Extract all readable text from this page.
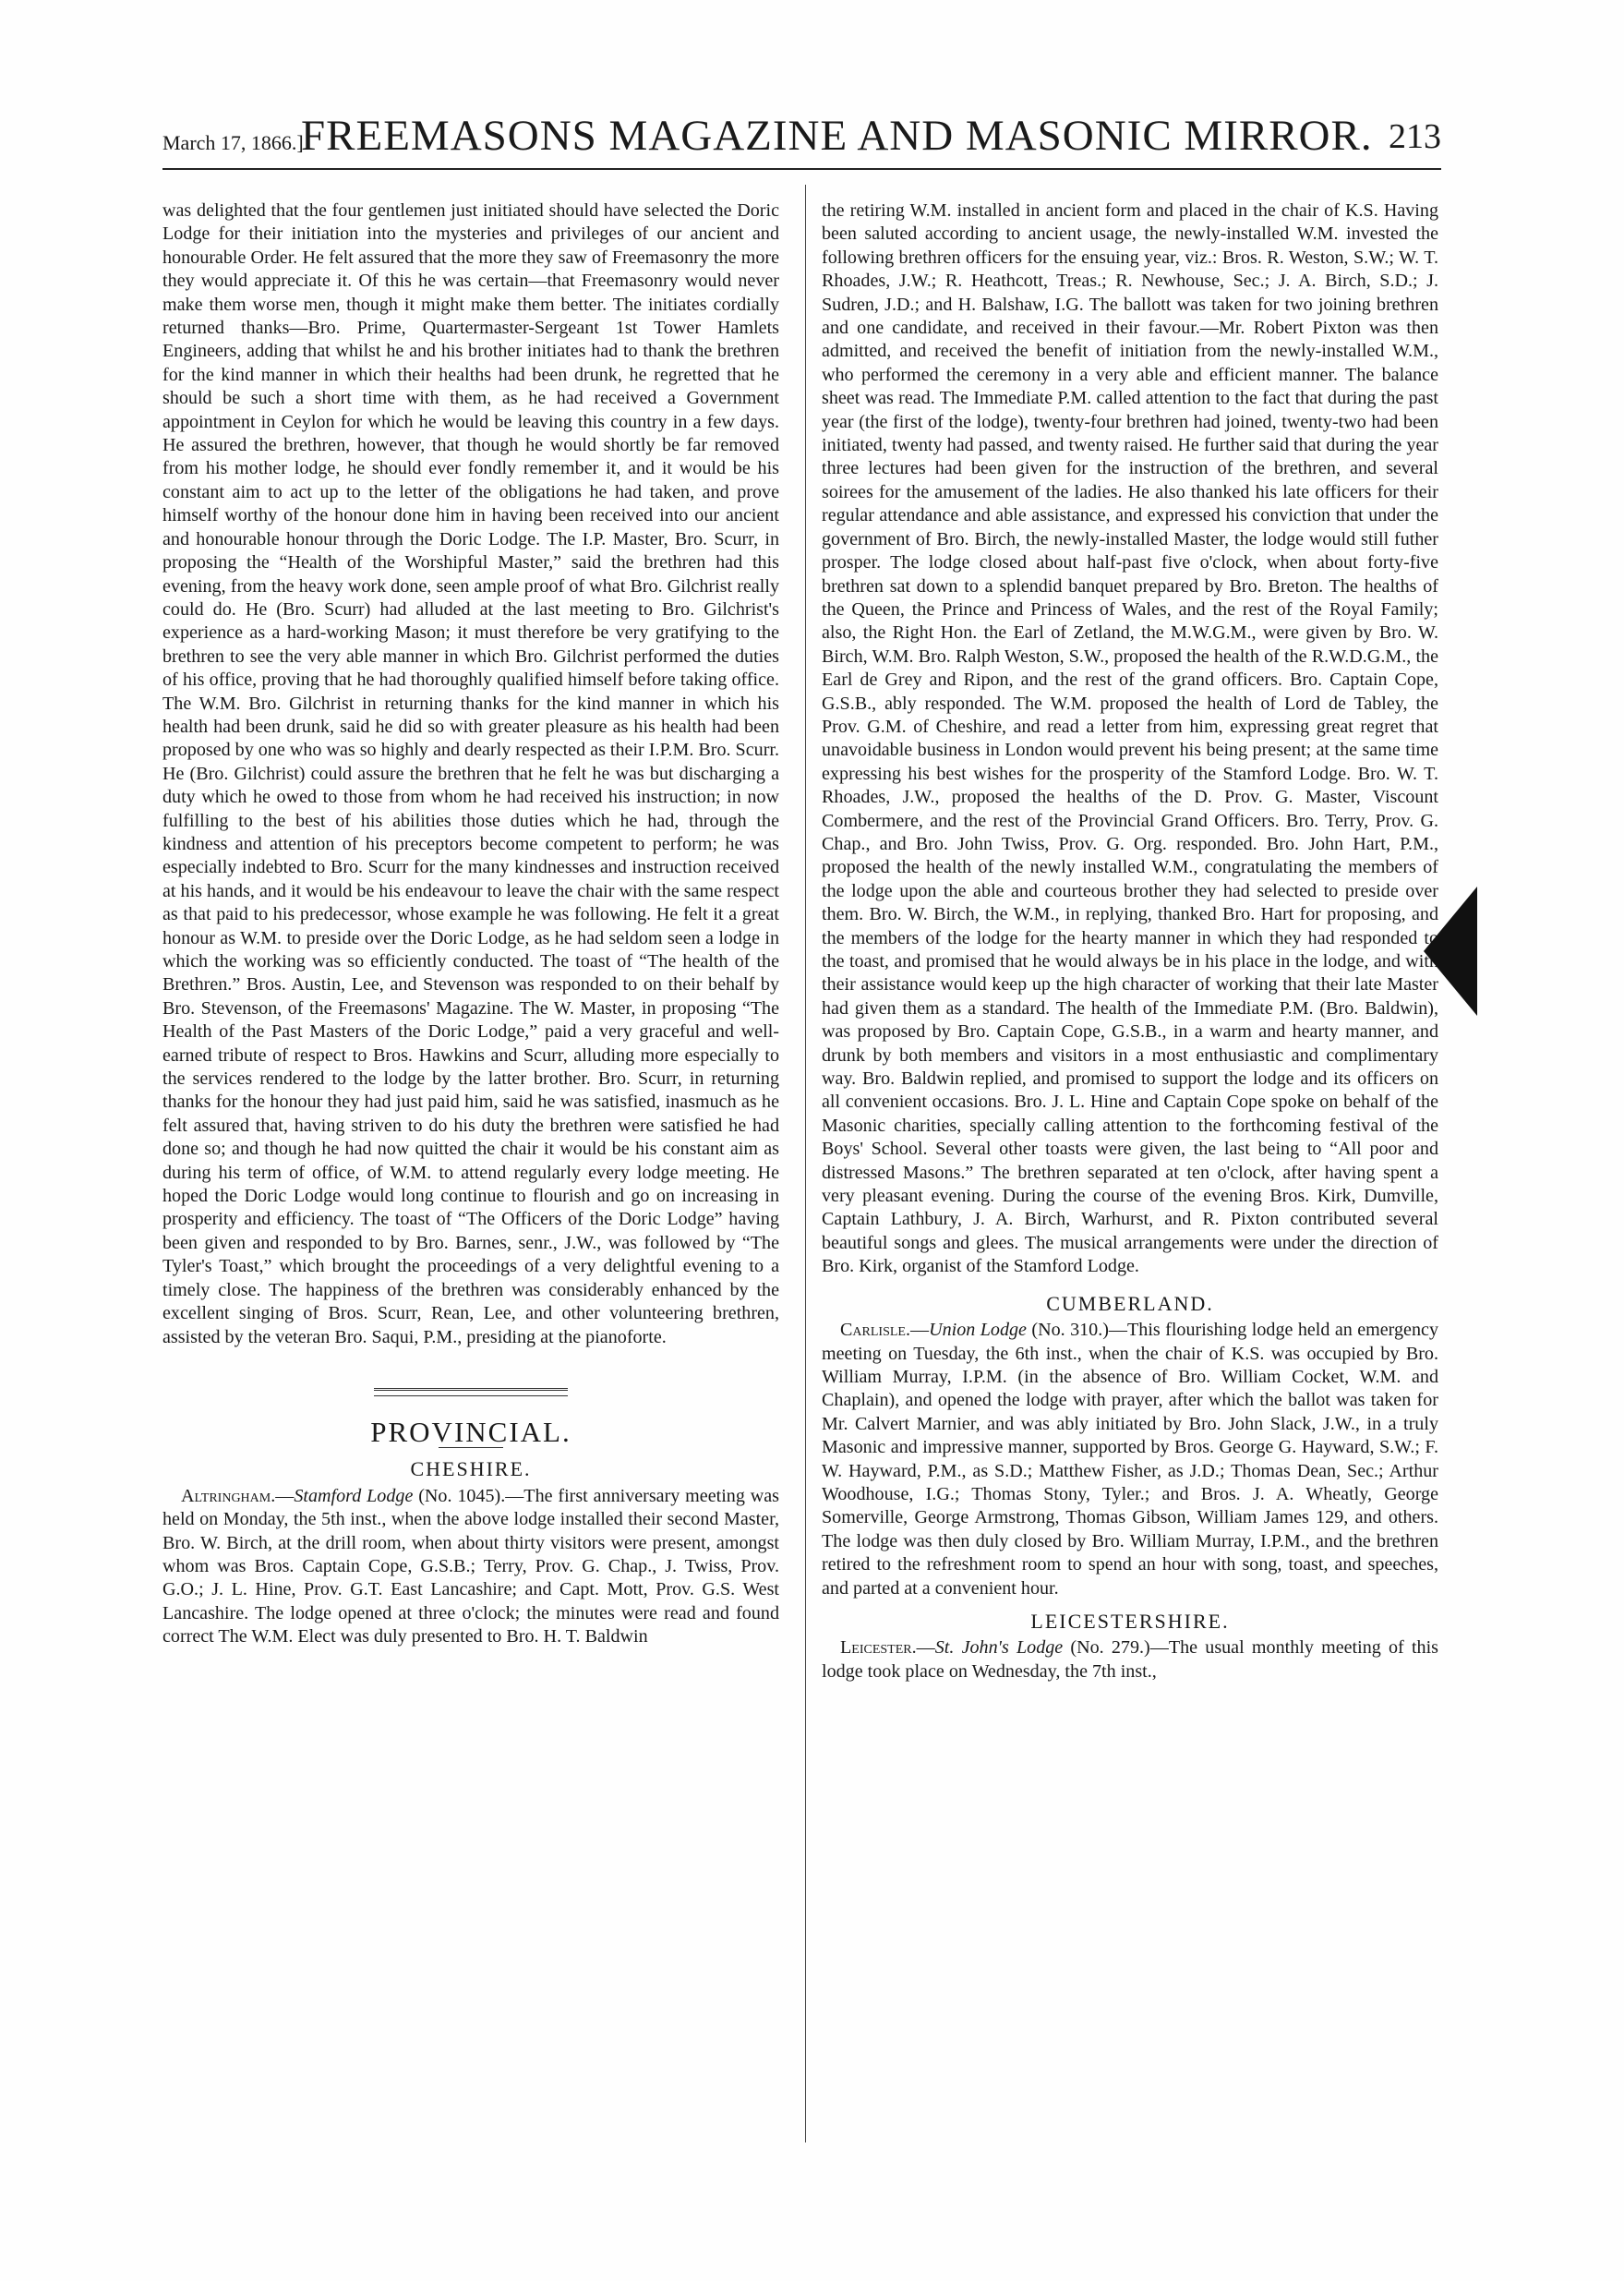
March 17, 1866.]
FREEMASONS MAGAZINE AND MASONIC MIRROR. 213

was delighted that the four gentlemen just initiated should have selected the Doric Lodge for their initiation into the mysteries and privileges of our ancient and honourable Order. He felt assured that the more they saw of Freemasonry the more they would appreciate it. Of this he was certain—that Freemasonry would never make them worse men, though it might make them better. The initiates cordially returned thanks—Bro. Prime, Quartermaster-Sergeant 1st Tower Hamlets Engineers, adding that whilst he and his brother initiates had to thank the brethren for the kind manner in which their healths had been drunk, he regretted that he should be such a short time with them, as he had received a Government appointment in Ceylon for which he would be leaving this country in a few days. He assured the brethren, however, that though he would shortly be far removed from his mother lodge, he should ever fondly remember it, and it would be his constant aim to act up to the letter of the obligations he had taken, and prove himself worthy of the honour done him in having been received into our ancient and honourable honour through the Doric Lodge. The I.P. Master, Bro. Scurr, in proposing the “Health of the Worshipful Master,” said the brethren had this evening, from the heavy work done, seen ample proof of what Bro. Gilchrist really could do. He (Bro. Scurr) had alluded at the last meeting to Bro. Gilchrist's experience as a hard-working Mason; it must therefore be very gratifying to the brethren to see the very able manner in which Bro. Gilchrist performed the duties of his office, proving that he had thoroughly qualified himself before taking office. The W.M. Bro. Gilchrist in returning thanks for the kind manner in which his health had been drunk, said he did so with greater pleasure as his health had been proposed by one who was so highly and dearly respected as their I.P.M. Bro. Scurr. He (Bro. Gilchrist) could assure the brethren that he felt he was but discharging a duty which he owed to those from whom he had received his instruction; in now fulfilling to the best of his abilities those duties which he had, through the kindness and attention of his preceptors become competent to perform; he was especially indebted to Bro. Scurr for the many kindnesses and instruction received at his hands, and it would be his endeavour to leave the chair with the same respect as that paid to his predecessor, whose example he was following. He felt it a great honour as W.M. to preside over the Doric Lodge, as he had seldom seen a lodge in which the working was so efficiently conducted. The toast of “The health of the Brethren.” Bros. Austin, Lee, and Stevenson was responded to on their behalf by Bro. Stevenson, of the Freemasons' Magazine. The W. Master, in proposing “The Health of the Past Masters of the Doric Lodge,” paid a very graceful and well-earned tribute of respect to Bros. Hawkins and Scurr, alluding more especially to the services rendered to the lodge by the latter brother. Bro. Scurr, in returning thanks for the honour they had just paid him, said he was satisfied, inasmuch as he felt assured that, having striven to do his duty the brethren were satisfied he had done so; and though he had now quitted the chair it would be his constant aim as during his term of office, of W.M. to attend regularly every lodge meeting. He hoped the Doric Lodge would long continue to flourish and go on increasing in prosperity and efficiency. The toast of “The Officers of the Doric Lodge” having been given and responded to by Bro. Barnes, senr., J.W., was followed by “The Tyler's Toast,” which brought the proceedings of a very delightful evening to a timely close. The happiness of the brethren was considerably enhanced by the excellent singing of Bros. Scurr, Rean, Lee, and other volunteering brethren, assisted by the veteran Bro. Saqui, P.M., presiding at the pianoforte.

PROVINCIAL.
CHESHIRE.

Altringham.—Stamford Lodge (No. 1045).—The first anniversary meeting was held on Monday, the 5th inst., when the above lodge installed their second Master, Bro. W. Birch, at the drill room, when about thirty visitors were present, amongst whom was Bros. Captain Cope, G.S.B.; Terry, Prov. G. Chap., J. Twiss, Prov. G.O.; J. L. Hine, Prov. G.T. East Lancashire; and Capt. Mott, Prov. G.S. West Lancashire. The lodge opened at three o'clock; the minutes were read and found correct The W.M. Elect was duly presented to Bro. H. T. Baldwin

the retiring W.M. installed in ancient form and placed in the chair of K.S. Having been saluted according to ancient usage, the newly-installed W.M. invested the following brethren officers for the ensuing year, viz.: Bros. R. Weston, S.W.; W. T. Rhoades, J.W.; R. Heathcott, Treas.; R. Newhouse, Sec.; J. A. Birch, S.D.; J. Sudren, J.D.; and H. Balshaw, I.G. The ballott was taken for two joining brethren and one candidate, and received in their favour.—Mr. Robert Pixton was then admitted, and received the benefit of initiation from the newly-installed W.M., who performed the ceremony in a very able and efficient manner. The balance sheet was read. The Immediate P.M. called attention to the fact that during the past year (the first of the lodge), twenty-four brethren had joined, twenty-two had been initiated, twenty had passed, and twenty raised. He further said that during the year three lectures had been given for the instruction of the brethren, and several soirees for the amusement of the ladies. He also thanked his late officers for their regular attendance and able assistance, and expressed his conviction that under the government of Bro. Birch, the newly-installed Master, the lodge would still futher prosper. The lodge closed about half-past five o'clock, when about forty-five brethren sat down to a splendid banquet prepared by Bro. Breton. The healths of the Queen, the Prince and Princess of Wales, and the rest of the Royal Family; also, the Right Hon. the Earl of Zetland, the M.W.G.M., were given by Bro. W. Birch, W.M. Bro. Ralph Weston, S.W., proposed the health of the R.W.D.G.M., the Earl de Grey and Ripon, and the rest of the grand officers. Bro. Captain Cope, G.S.B., ably responded. The W.M. proposed the health of Lord de Tabley, the Prov. G.M. of Cheshire, and read a letter from him, expressing great regret that unavoidable business in London would prevent his being present; at the same time expressing his best wishes for the prosperity of the Stamford Lodge. Bro. W. T. Rhoades, J.W., proposed the healths of the D. Prov. G. Master, Viscount Combermere, and the rest of the Provincial Grand Officers. Bro. Terry, Prov. G. Chap., and Bro. John Twiss, Prov. G. Org. responded. Bro. John Hart, P.M., proposed the health of the newly installed W.M., congratulating the members of the lodge upon the able and courteous brother they had selected to preside over them. Bro. W. Birch, the W.M., in replying, thanked Bro. Hart for proposing, and the members of the lodge for the hearty manner in which they had responded to the toast, and promised that he would always be in his place in the lodge, and with their assistance would keep up the high character of working that their late Master had given them as a standard. The health of the Immediate P.M. (Bro. Baldwin), was proposed by Bro. Captain Cope, G.S.B., in a warm and hearty manner, and drunk by both members and visitors in a most enthusiastic and complimentary way. Bro. Baldwin replied, and promised to support the lodge and its officers on all convenient occasions. Bro. J. L. Hine and Captain Cope spoke on behalf of the Masonic charities, specially calling attention to the forthcoming festival of the Boys' School. Several other toasts were given, the last being to “All poor and distressed Masons.” The brethren separated at ten o'clock, after having spent a very pleasant evening. During the course of the evening Bros. Kirk, Dumville, Captain Lathbury, J. A. Birch, Warhurst, and R. Pixton contributed several beautiful songs and glees. The musical arrangements were under the direction of Bro. Kirk, organist of the Stamford Lodge.

CUMBERLAND.

Carlisle.—Union Lodge (No. 310.)—This flourishing lodge held an emergency meeting on Tuesday, the 6th inst., when the chair of K.S. was occupied by Bro. William Murray, I.P.M. (in the absence of Bro. William Cocket, W.M. and Chaplain), and opened the lodge with prayer, after which the ballot was taken for Mr. Calvert Marnier, and was ably initiated by Bro. John Slack, J.W., in a truly Masonic and impressive manner, supported by Bros. George G. Hayward, S.W.; F. W. Hayward, P.M., as S.D.; Matthew Fisher, as J.D.; Thomas Dean, Sec.; Arthur Woodhouse, I.G.; Thomas Stony, Tyler.; and Bros. J. A. Wheatly, George Somerville, George Armstrong, Thomas Gibson, William James 129, and others. The lodge was then duly closed by Bro. William Murray, I.P.M., and the brethren retired to the refreshment room to spend an hour with song, toast, and speeches, and parted at a convenient hour.

LEICESTERSHIRE.

Leicester.—St. John's Lodge (No. 279.)—The usual monthly meeting of this lodge took place on Wednesday, the 7th inst.,
